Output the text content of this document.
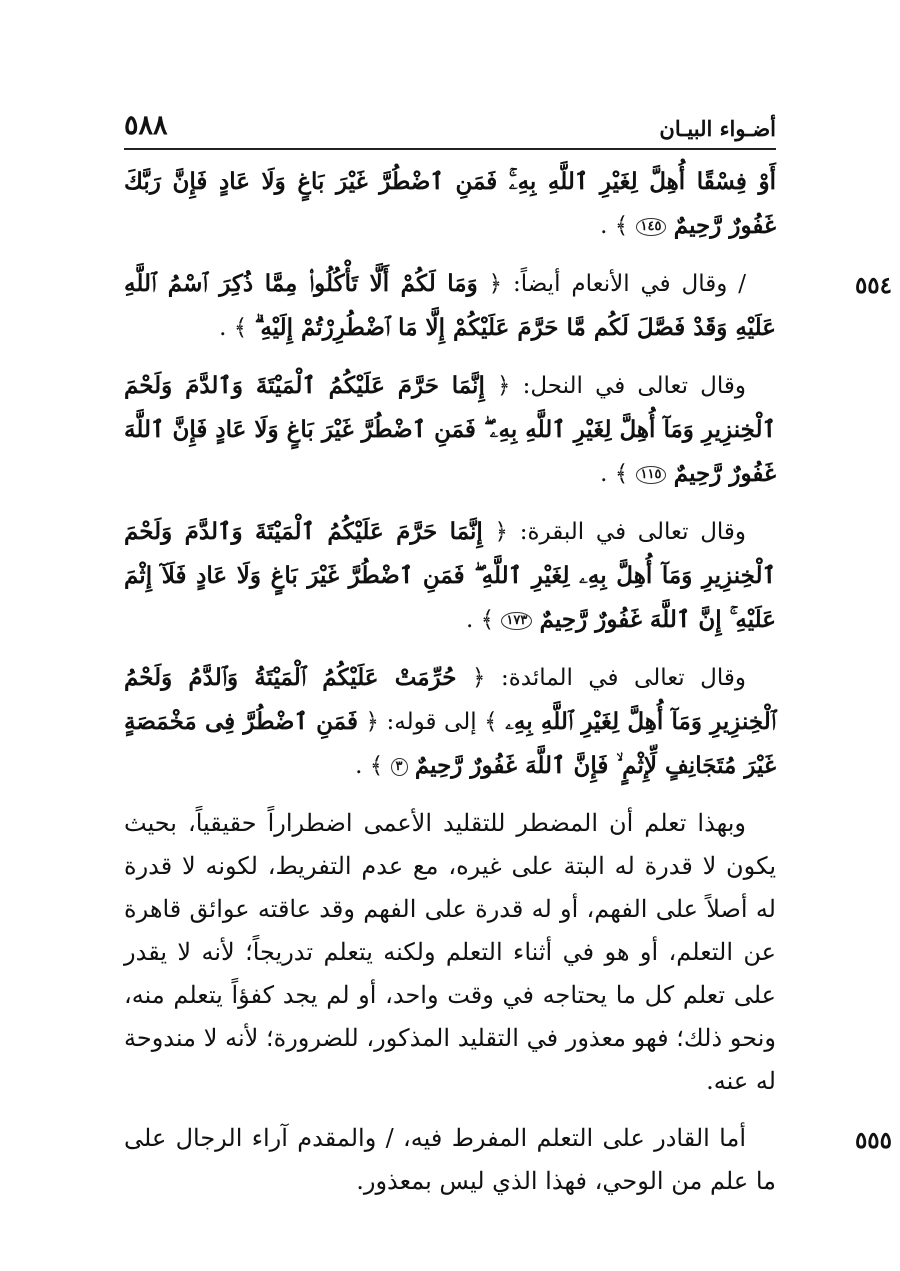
أضـواء البيـان
٥٨٨
أَوْ فِسْقًا أُهِلَّ لِغَيْرِ ٱللَّهِ بِهِۦۚ فَمَنِ ٱضْطُرَّ غَيْرَ بَاغٍ وَلَا عَادٍ فَإِنَّ رَبَّكَ غَفُورٌ رَّحِيمٌ ١٤٥ ﴾ .
٥٥٤
/ وقال في الأنعام أيضاً: ﴿ وَمَا لَكُمْ أَلَّا تَأْكُلُوا۟ مِمَّا ذُكِرَ ٱسْمُ ٱللَّهِ عَلَيْهِ وَقَدْ فَصَّلَ لَكُم مَّا حَرَّمَ عَلَيْكُمْ إِلَّا مَا ٱضْطُرِرْتُمْ إِلَيْهِ ۗ ﴾ .
وقال تعالى في النحل: ﴿ إِنَّمَا حَرَّمَ عَلَيْكُمُ ٱلْمَيْتَةَ وَٱلدَّمَ وَلَحْمَ ٱلْخِنزِيرِ وَمَآ أُهِلَّ لِغَيْرِ ٱللَّهِ بِهِۦ ۖ فَمَنِ ٱضْطُرَّ غَيْرَ بَاغٍ وَلَا عَادٍ فَإِنَّ ٱللَّهَ غَفُورٌ رَّحِيمٌ ١١٥ ﴾ .
وقال تعالى في البقرة: ﴿ إِنَّمَا حَرَّمَ عَلَيْكُمُ ٱلْمَيْتَةَ وَٱلدَّمَ وَلَحْمَ ٱلْخِنزِيرِ وَمَآ أُهِلَّ بِهِۦ لِغَيْرِ ٱللَّهِ ۖ فَمَنِ ٱضْطُرَّ غَيْرَ بَاغٍ وَلَا عَادٍ فَلَآ إِثْمَ عَلَيْهِ ۚ إِنَّ ٱللَّهَ غَفُورٌ رَّحِيمٌ ١٧٣ ﴾ .
وقال تعالى في المائدة: ﴿ حُرِّمَتْ عَلَيْكُمُ ٱلْمَيْتَةُ وَٱلدَّمُ وَلَحْمُ ٱلْخِنزِيرِ وَمَآ أُهِلَّ لِغَيْرِ ٱللَّهِ بِهِۦ ﴾ إلى قوله: ﴿ فَمَنِ ٱضْطُرَّ فِى مَخْمَصَةٍ غَيْرَ مُتَجَانِفٍ لِّإِثْمٍ ۙ فَإِنَّ ٱللَّهَ غَفُورٌ رَّحِيمٌ ٣ ﴾ .
وبهذا تعلم أن المضطر للتقليد الأعمى اضطراراً حقيقياً، بحيث يكون لا قدرة له البتة على غيره، مع عدم التفريط، لكونه لا قدرة له أصلاً على الفهم، أو له قدرة على الفهم وقد عاقته عوائق قاهرة عن التعلم، أو هو في أثناء التعلم ولكنه يتعلم تدريجاً؛ لأنه لا يقدر على تعلم كل ما يحتاجه في وقت واحد، أو لم يجد كفؤاً يتعلم منه، ونحو ذلك؛ فهو معذور في التقليد المذكور، للضرورة؛ لأنه لا مندوحة له عنه.
٥٥٥
أما القادر على التعلم المفرط فيه، / والمقدم آراء الرجال على ما علم من الوحي، فهذا الذي ليس بمعذور.
